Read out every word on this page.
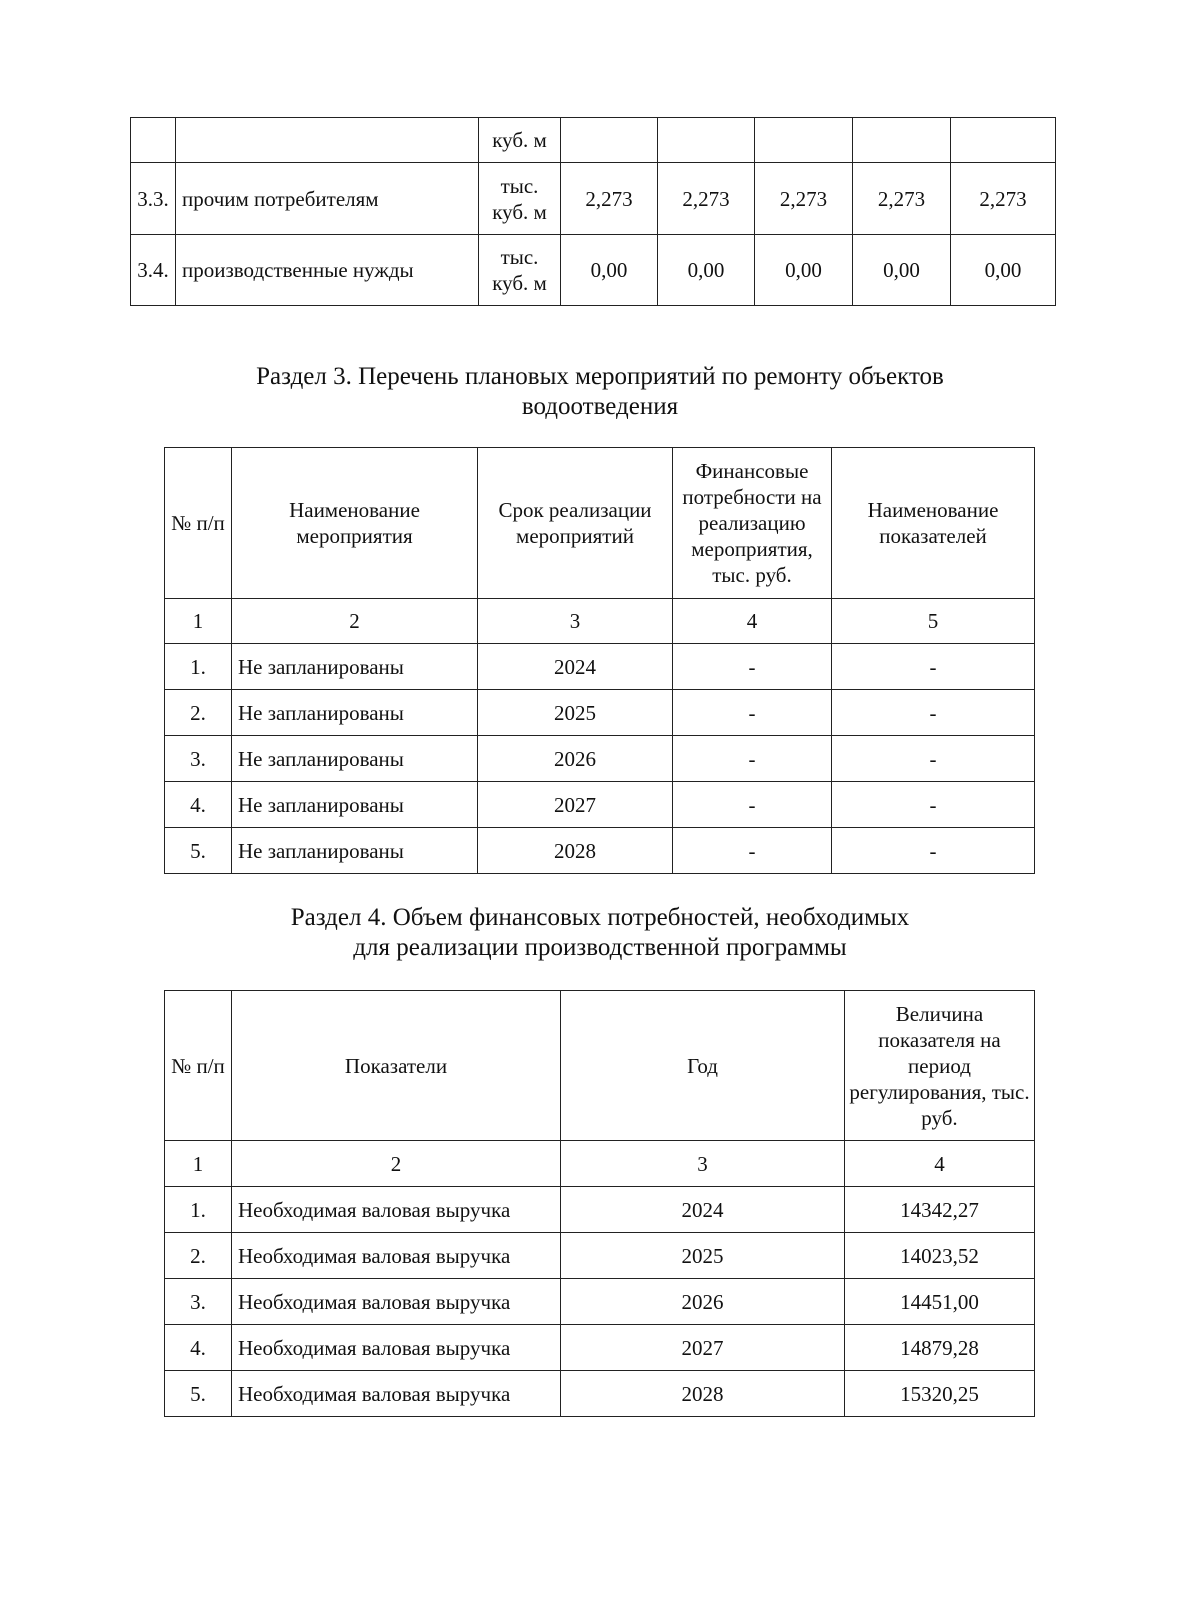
		куб. м					
3.3.	прочим потребителям	тыс. куб. м	2,273	2,273	2,273	2,273	2,273
3.4.	производственные нужды	тыс. куб. м	0,00	0,00	0,00	0,00	0,00
Раздел 3. Перечень плановых мероприятий по ремонту объектов
водоотведения
№ п/п	Наименование мероприятия	Срок реализации мероприятий	Финансовые потребности на реализацию мероприятия, тыс. руб.	Наименование показателей
1	2	3	4	5
1.	Не запланированы	2024	-	-
2.	Не запланированы	2025	-	-
3.	Не запланированы	2026	-	-
4.	Не запланированы	2027	-	-
5.	Не запланированы	2028	-	-
Раздел 4. Объем финансовых потребностей, необходимых
для реализации производственной программы
№ п/п	Показатели	Год	Величина показателя на период регулирования, тыс. руб.
1	2	3	4
1.	Необходимая валовая выручка	2024	14342,27
2.	Необходимая валовая выручка	2025	14023,52
3.	Необходимая валовая выручка	2026	14451,00
4.	Необходимая валовая выручка	2027	14879,28
5.	Необходимая валовая выручка	2028	15320,25
